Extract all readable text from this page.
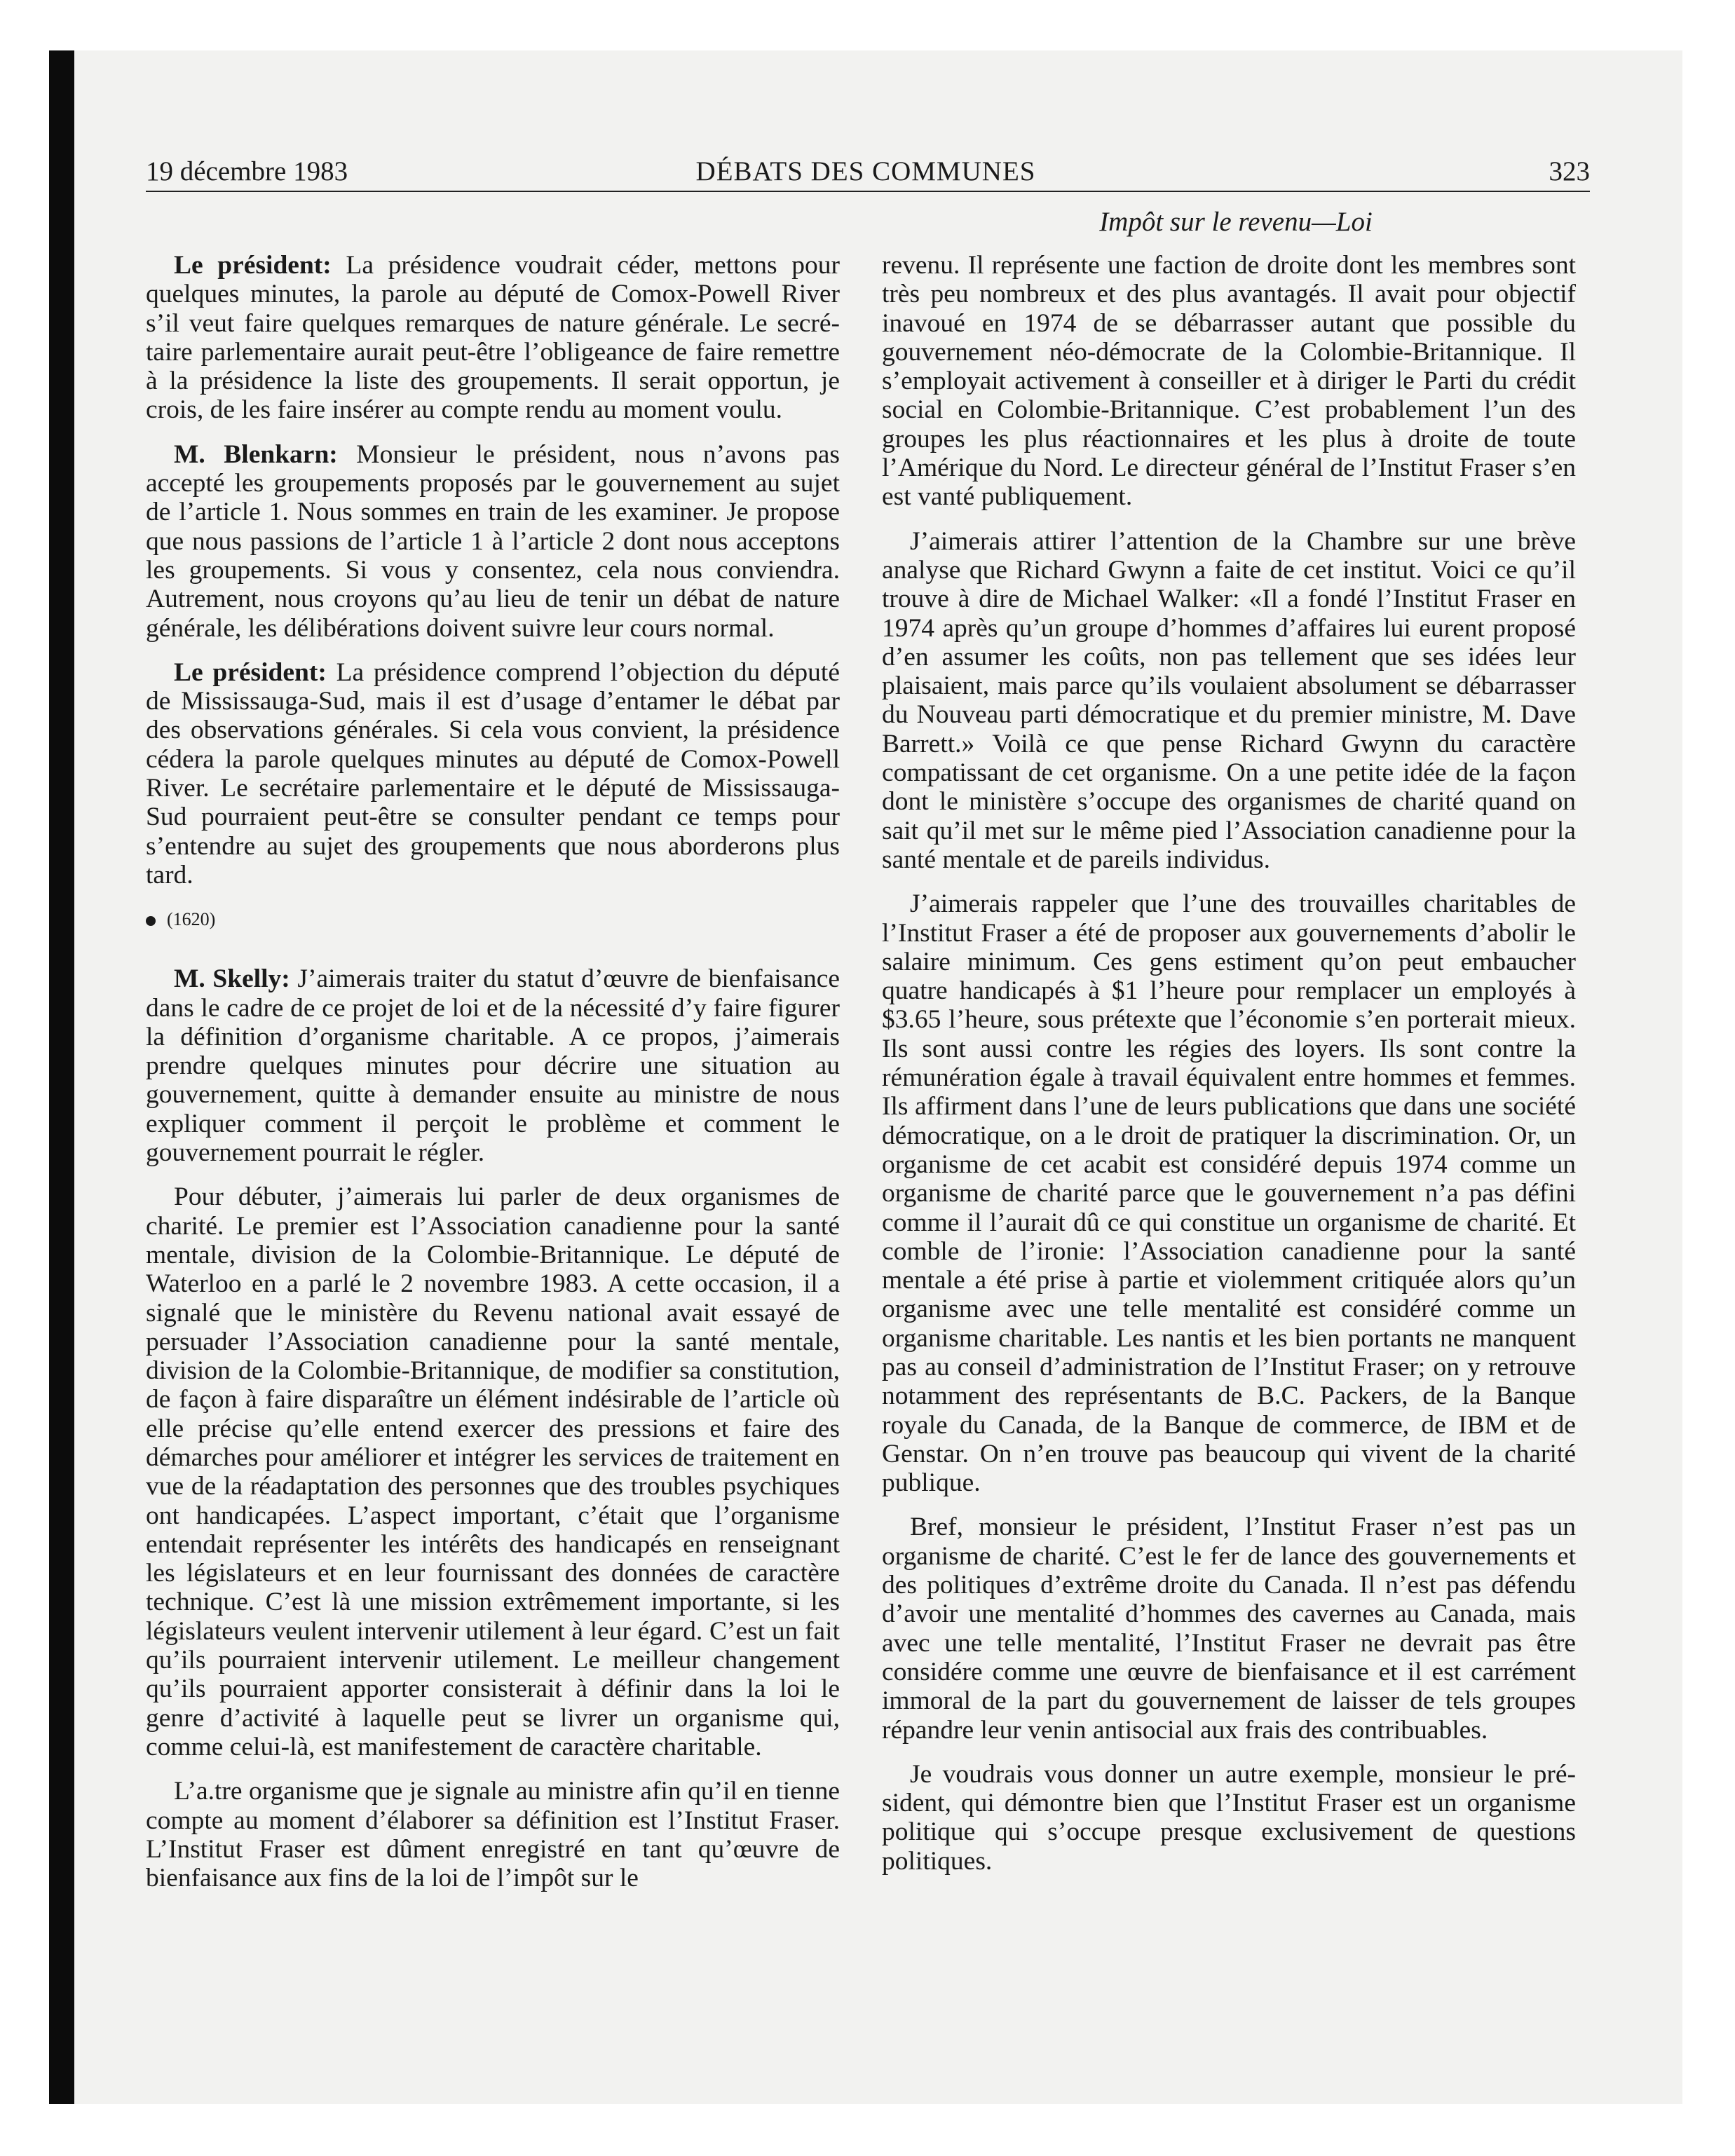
19 décembre 1983	DÉBATS DES COMMUNES	323
Impôt sur le revenu—Loi

Le président: La présidence voudrait céder, mettons pour quelques minutes, la parole au député de Comox-Powell River s’il veut faire quelques remarques de nature générale. Le secrétaire parlementaire aurait peut-être l’obligeance de faire remettre à la présidence la liste des groupements. Il serait opportun, je crois, de les faire insérer au compte rendu au moment voulu.

M. Blenkarn: Monsieur le président, nous n’avons pas accepté les groupements proposés par le gouvernement au sujet de l’article 1. Nous sommes en train de les examiner. Je propose que nous passions de l’article 1 à l’article 2 dont nous acceptons les groupements. Si vous y consentez, cela nous conviendra. Autrement, nous croyons qu’au lieu de tenir un débat de nature générale, les délibérations doivent suivre leur cours normal.

Le président: La présidence comprend l’objection du député de Mississauga-Sud, mais il est d’usage d’entamer le débat par des observations générales. Si cela vous convient, la présidence cédera la parole quelques minutes au député de Comox-Powell River. Le secrétaire parlementaire et le député de Mississauga-Sud pourraient peut-être se consulter pendant ce temps pour s’entendre au sujet des groupements que nous aborderons plus tard.

(1620)

M. Skelly: J’aimerais traiter du statut d’œuvre de bienfaisance dans le cadre de ce projet de loi et de la nécessité d’y faire figurer la définition d’organisme charitable. A ce propos, j’aimerais prendre quelques minutes pour décrire une situation au gouvernement, quitte à demander ensuite au ministre de nous expliquer comment il perçoit le problème et comment le gouvernement pourrait le régler.

Pour débuter, j’aimerais lui parler de deux organismes de charité. Le premier est l’Association canadienne pour la santé mentale, division de la Colombie-Britannique. Le député de Waterloo en a parlé le 2 novembre 1983. A cette occasion, il a signalé que le ministère du Revenu national avait essayé de persuader l’Association canadienne pour la santé mentale, division de la Colombie-Britannique, de modifier sa constitution, de façon à faire disparaître un élément indésirable de l’article où elle précise qu’elle entend exercer des pressions et faire des démarches pour améliorer et intégrer les services de traitement en vue de la réadaptation des personnes que des troubles psychiques ont handicapées. L’aspect important, c’était que l’organisme entendait représenter les intérêts des handicapés en renseignant les législateurs et en leur fournissant des données de caractère technique. C’est là une mission extrêmement importante, si les législateurs veulent intervenir utilement à leur égard. C’est un fait qu’ils pourraient intervenir utilement. Le meilleur changement qu’ils pourraient apporter consisterait à définir dans la loi le genre d’activité à laquelle peut se livrer un organisme qui, comme celui-là, est manifestement de caractère charitable.

L’a.tre organisme que je signale au ministre afin qu’il en tienne compte au moment d’élaborer sa définition est l’Institut Fraser. L’Institut Fraser est dûment enregistré en tant qu’œuvre de bienfaisance aux fins de la loi de l’impôt sur le

revenu. Il représente une faction de droite dont les membres sont très peu nombreux et des plus avantagés. Il avait pour objectif inavoué en 1974 de se débarrasser autant que possible du gouvernement néo-démocrate de la Colombie-Britannique. Il s’employait activement à conseiller et à diriger le Parti du crédit social en Colombie-Britannique. C’est probablement l’un des groupes les plus réactionnaires et les plus à droite de toute l’Amérique du Nord. Le directeur général de l’Institut Fraser s’en est vanté publiquement.

J’aimerais attirer l’attention de la Chambre sur une brève analyse que Richard Gwynn a faite de cet institut. Voici ce qu’il trouve à dire de Michael Walker: «Il a fondé l’Institut Fraser en 1974 après qu’un groupe d’hommes d’affaires lui eurent proposé d’en assumer les coûts, non pas tellement que ses idées leur plaisaient, mais parce qu’ils voulaient absolument se débarrasser du Nouveau parti démocratique et du premier ministre, M. Dave Barrett.» Voilà ce que pense Richard Gwynn du caractère compatissant de cet organisme. On a une petite idée de la façon dont le ministère s’occupe des organismes de charité quand on sait qu’il met sur le même pied l’Association canadienne pour la santé mentale et de pareils individus.

J’aimerais rappeler que l’une des trouvailles charitables de l’Institut Fraser a été de proposer aux gouvernements d’abolir le salaire minimum. Ces gens estiment qu’on peut embaucher quatre handicapés à $1 l’heure pour remplacer un employés à $3.65 l’heure, sous prétexte que l’économie s’en porterait mieux. Ils sont aussi contre les régies des loyers. Ils sont contre la rémunération égale à travail équivalent entre hommes et femmes. Ils affirment dans l’une de leurs publications que dans une société démocratique, on a le droit de pratiquer la discrimination. Or, un organisme de cet acabit est considéré depuis 1974 comme un organisme de charité parce que le gouvernement n’a pas défini comme il l’aurait dû ce qui constitue un organisme de charité. Et comble de l’ironie: l’Association canadienne pour la santé mentale a été prise à partie et violemment critiquée alors qu’un organisme avec une telle mentalité est considéré comme un organisme charitable. Les nantis et les bien portants ne manquent pas au conseil d’administration de l’Institut Fraser; on y retrouve notamment des représentants de B.C. Packers, de la Banque royale du Canada, de la Banque de commerce, de IBM et de Genstar. On n’en trouve pas beaucoup qui vivent de la charité publique.

Bref, monsieur le président, l’Institut Fraser n’est pas un organisme de charité. C’est le fer de lance des gouvernements et des politiques d’extrême droite du Canada. Il n’est pas défendu d’avoir une mentalité d’hommes des cavernes au Canada, mais avec une telle mentalité, l’Institut Fraser ne devrait pas être considére comme une œuvre de bienfaisance et il est carrément immoral de la part du gouvernement de laisser de tels groupes répandre leur venin antisocial aux frais des contribuables.

Je voudrais vous donner un autre exemple, monsieur le président, qui démontre bien que l’Institut Fraser est un organisme politique qui s’occupe presque exclusivement de questions politiques.
